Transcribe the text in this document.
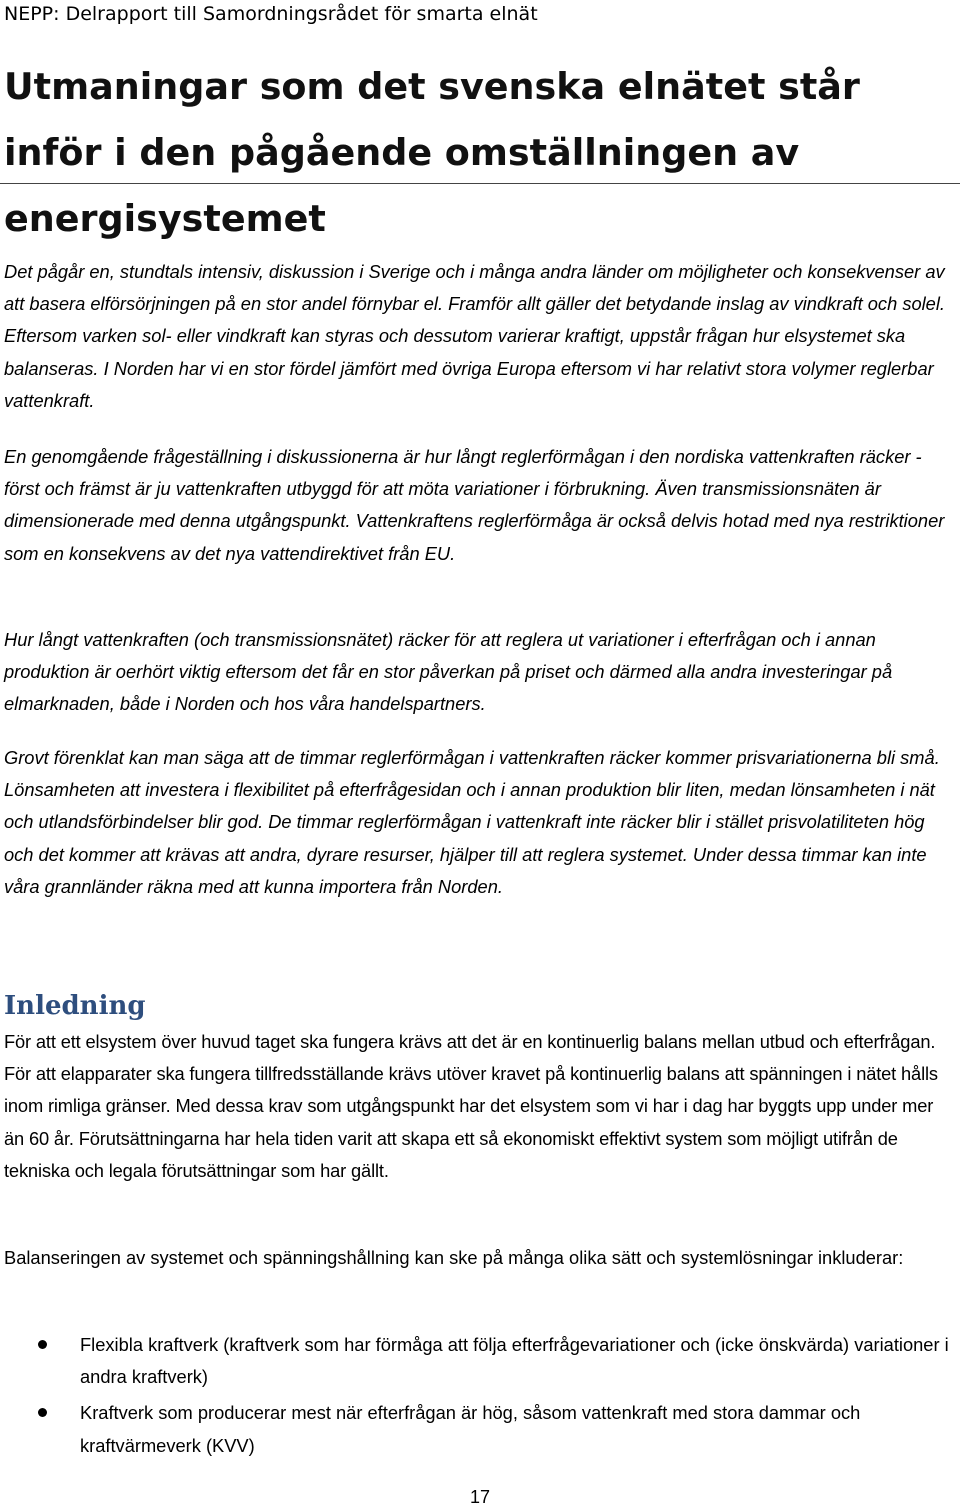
NEPP: Delrapport till Samordningsrådet för smarta elnät
Utmaningar som det svenska elnätet står inför i den pågående omställningen av energisystemet

Det pågår en, stundtals intensiv, diskussion i Sverige och i många andra länder om möjligheter och konsekvenser av att basera elförsörjningen på en stor andel förnybar el. Framför allt gäller det betydande inslag av vindkraft och solel. Eftersom varken sol- eller vindkraft kan styras och dessutom varierar kraftigt, uppstår frågan hur elsystemet ska balanseras. I Norden har vi en stor fördel jämfört med övriga Europa eftersom vi har relativt stora volymer reglerbar vattenkraft.

En genomgående frågeställning i diskussionerna är hur långt reglerförmågan i den nordiska vattenkraften räcker - först och främst är ju vattenkraften utbyggd för att möta variationer i förbrukning. Även transmissionsnäten är dimensionerade med denna utgångspunkt. Vattenkraftens reglerförmåga är också delvis hotad med nya restriktioner som en konsekvens av det nya vattendirektivet från EU.

Hur långt vattenkraften (och transmissionsnätet) räcker för att reglera ut variationer i efterfrågan och i annan produktion är oerhört viktig eftersom det får en stor påverkan på priset och därmed alla andra investeringar på elmarknaden, både i Norden och hos våra handelspartners.

Grovt förenklat kan man säga att de timmar reglerförmågan i vattenkraften räcker kommer prisvariationerna bli små. Lönsamheten att investera i flexibilitet på efterfrågesidan och i annan produktion blir liten, medan lönsamheten i nät och utlandsförbindelser blir god. De timmar reglerförmågan i vattenkraft inte räcker blir i stället prisvolatiliteten hög och det kommer att krävas att andra, dyrare resurser, hjälper till att reglera systemet. Under dessa timmar kan inte våra grannländer räkna med att kunna importera från Norden.

Inledning

För att ett elsystem över huvud taget ska fungera krävs att det är en kontinuerlig balans mellan utbud och efterfrågan. För att elapparater ska fungera tillfredsställande krävs utöver kravet på kontinuerlig balans att spänningen i nätet hålls inom rimliga gränser. Med dessa krav som utgångspunkt har det elsystem som vi har i dag har byggts upp under mer än 60 år. Förutsättningarna har hela tiden varit att skapa ett så ekonomiskt effektivt system som möjligt utifrån de tekniska och legala förutsättningar som har gällt.

Balanseringen av systemet och spänningshållning kan ske på många olika sätt och systemlösningar inkluderar:

Flexibla kraftverk (kraftverk som har förmåga att följa efterfrågevariationer och (icke önskvärda) variationer i andra kraftverk)
Kraftverk som producerar mest när efterfrågan är hög, såsom vattenkraft med stora dammar och kraftvärmeverk (KVV)
17
